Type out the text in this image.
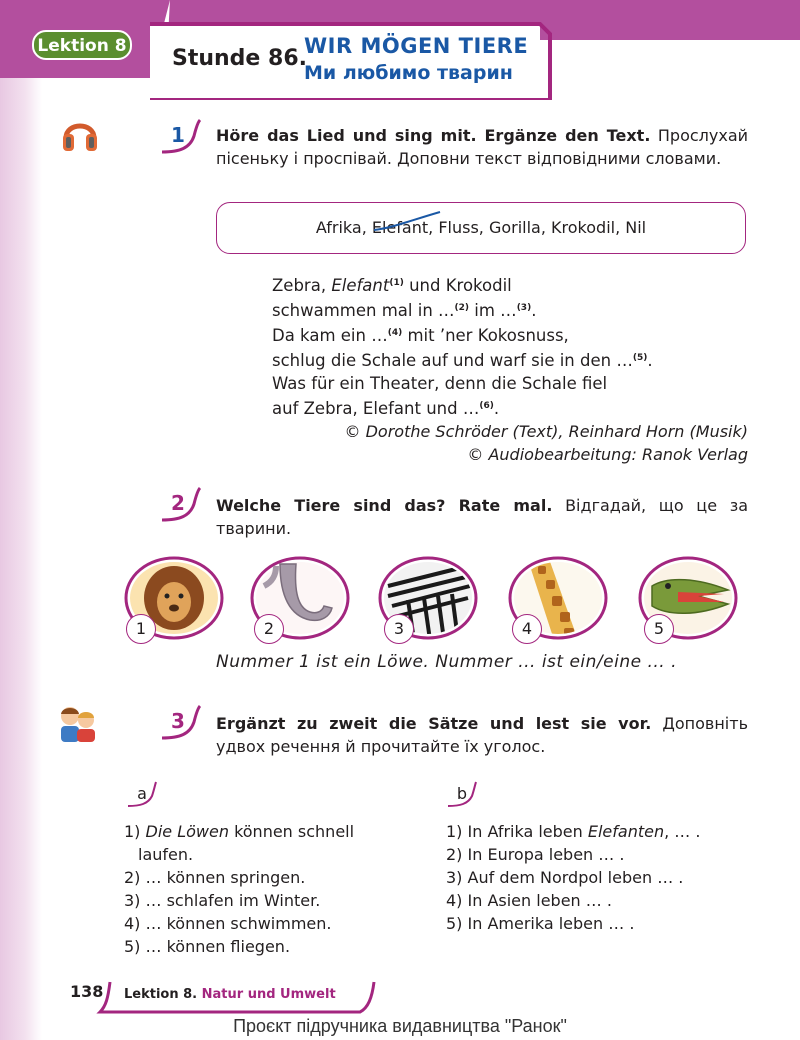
Lektion 8 Stunde 86.
WIR MÖGEN TIERE
Ми любимо тварин
1 Höre das Lied und sing mit. Ergänze den Text. Прослухай пісеньку і проспівай. Доповни текст відповідними словами.
Afrika, Elefant, Fluss, Gorilla, Krokodil, Nil
Zebra, Elefant$^{(1)}$ und Krokodil
schwammen mal in …$^{(2)}$ im …$^{(3)}$.
Da kam ein …$^{(4)}$ mit ’ner Kokosnuss,
schlug die Schale auf und warf sie in den …$^{(5)}$.
Was für ein Theater, denn die Schale fiel
auf Zebra, Elefant und …$^{(6)}$.
© Dorothe Schröder (Text), Reinhard Horn (Musik)
© Audiobearbeitung: Ranok Verlag
2 Welche Tiere sind das? Rate mal. Відгадай, що це за тварини.
1	2	3	4	5
Nummer 1 ist ein Löwe. Nummer ... ist ein/eine ... .
3 Ergänzt zu zweit die Sätze und lest sie vor. Доповніть удвох речення й прочитайте їх уголос.
a	b

1) Die Löwen können schnell

laufen.

2) … können springen.

3) … schlafen im Winter.

4) … können schwimmen.

5) … können fliegen.

1) In Afrika leben Elefanten, … .

2) In Europa leben … .

3) Auf dem Nordpol leben … .

4) In Asien leben … .

5) In Amerika leben … .

138 Lektion 8. Natur und Umwelt
Проєкт підручника видавництва "Ранок"
